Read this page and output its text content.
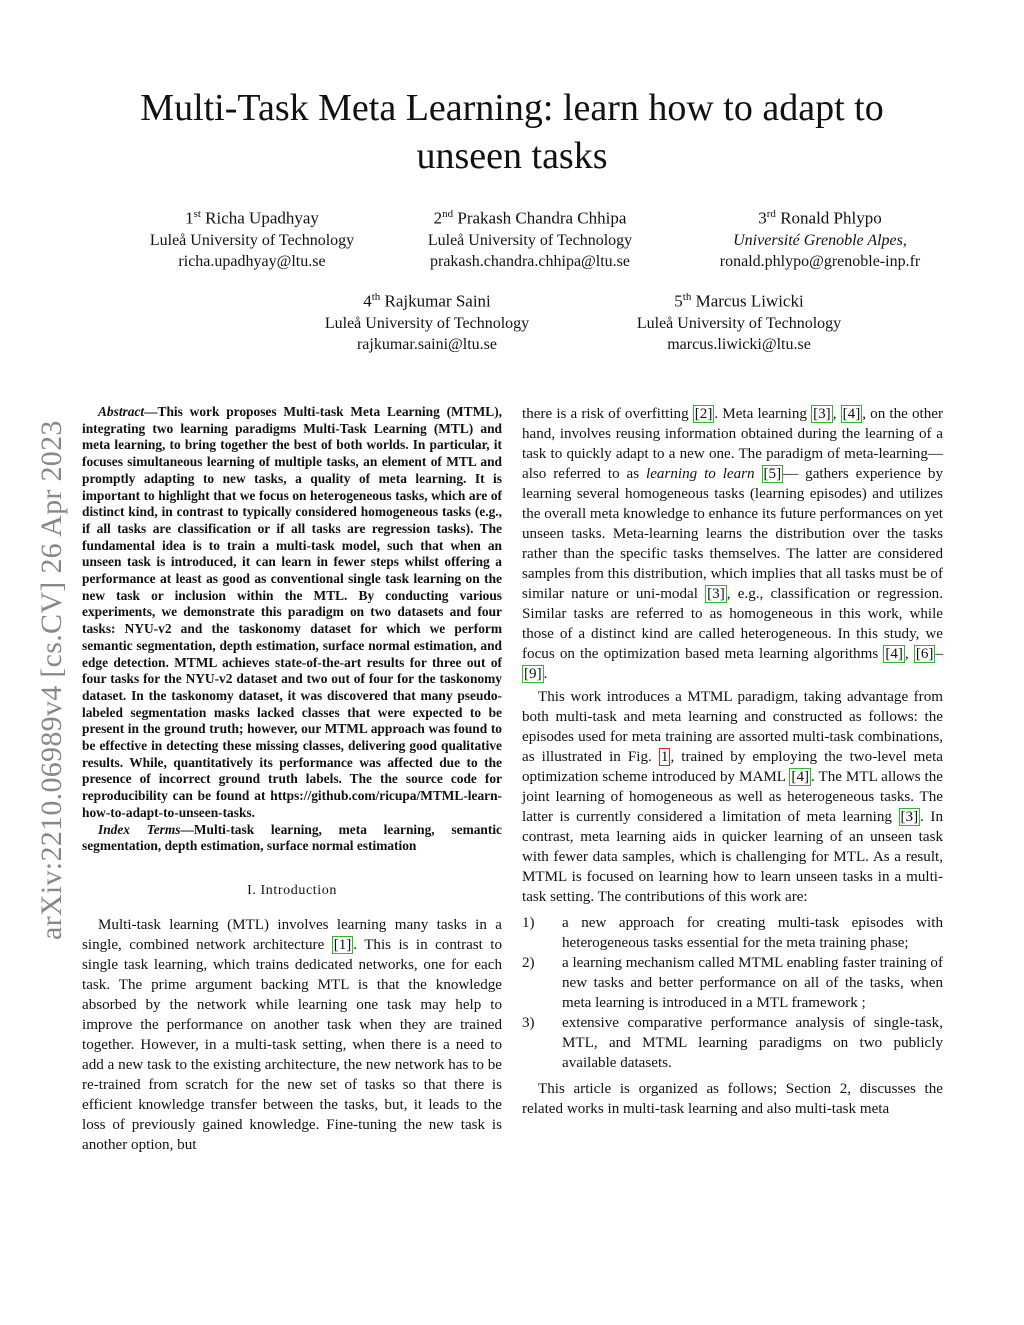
Multi-Task Meta Learning: learn how to adapt to unseen tasks
1st Richa Upadhyay
Luleå University of Technology
richa.upadhyay@ltu.se
2nd Prakash Chandra Chhipa
Luleå University of Technology
prakash.chandra.chhipa@ltu.se
3rd Ronald Phlypo
Université Grenoble Alpes,
ronald.phlypo@grenoble-inp.fr
4th Rajkumar Saini
Luleå University of Technology
rajkumar.saini@ltu.se
5th Marcus Liwicki
Luleå University of Technology
marcus.liwicki@ltu.se
arXiv:2210.06989v4 [cs.CV] 26 Apr 2023

Abstract—This work proposes Multi-task Meta Learning (MTML), integrating two learning paradigms Multi-Task Learning (MTL) and meta learning, to bring together the best of both worlds. In particular, it focuses simultaneous learning of multiple tasks, an element of MTL and promptly adapting to new tasks, a quality of meta learning. It is important to highlight that we focus on heterogeneous tasks, which are of distinct kind, in contrast to typically considered homogeneous tasks (e.g., if all tasks are classification or if all tasks are regression tasks). The fundamental idea is to train a multi-task model, such that when an unseen task is introduced, it can learn in fewer steps whilst offering a performance at least as good as conventional single task learning on the new task or inclusion within the MTL. By conducting various experiments, we demonstrate this paradigm on two datasets and four tasks: NYU-v2 and the taskonomy dataset for which we perform semantic segmentation, depth estimation, surface normal estimation, and edge detection. MTML achieves state-of-the-art results for three out of four tasks for the NYU-v2 dataset and two out of four for the taskonomy dataset. In the taskonomy dataset, it was discovered that many pseudo-labeled segmentation masks lacked classes that were expected to be present in the ground truth; however, our MTML approach was found to be effective in detecting these missing classes, delivering good qualitative results. While, quantitatively its performance was affected due to the presence of incorrect ground truth labels. The the source code for reproducibility can be found at https://github.com/ricupa/MTML-learn-how-to-adapt-to-unseen-tasks.

Index Terms—Multi-task learning, meta learning, semantic segmentation, depth estimation, surface normal estimation

I. Introduction

Multi-task learning (MTL) involves learning many tasks in a single, combined network architecture [1] . This is in contrast to single task learning, which trains dedicated networks, one for each task. The prime argument backing MTL is that the knowledge absorbed by the network while learning one task may help to improve the performance on another task when they are trained together. However, in a multi-task setting, when there is a need to add a new task to the existing architecture, the new network has to be re-trained from scratch for the new set of tasks so that there is efficient knowledge transfer between the tasks, but, it leads to the loss of previously gained knowledge. Fine-tuning the new task is another option, but

there is a risk of overfitting [2] . Meta learning [3] , [4] , on the other hand, involves reusing information obtained during the learning of a task to quickly adapt to a new one. The paradigm of meta-learning—also referred to as learning to learn [5] — gathers experience by learning several homogeneous tasks (learning episodes) and utilizes the overall meta knowledge to enhance its future performances on yet unseen tasks. Meta-learning learns the distribution over the tasks rather than the specific tasks themselves. The latter are considered samples from this distribution, which implies that all tasks must be of similar nature or uni-modal [3] , e.g., classification or regression. Similar tasks are referred to as homogeneous in this work, while those of a distinct kind are called heterogeneous. In this study, we focus on the optimization based meta learning algorithms [4] , [6] –[9] .

This work introduces a MTML paradigm, taking advantage from both multi-task and meta learning and constructed as follows: the episodes used for meta training are assorted multi-task combinations, as illustrated in Fig. 1 , trained by employing the two-level meta optimization scheme introduced by MAML [4] . The MTL allows the joint learning of homogeneous as well as heterogeneous tasks. The latter is currently considered a limitation of meta learning [3] . In contrast, meta learning aids in quicker learning of an unseen task with fewer data samples, which is challenging for MTL. As a result, MTML is focused on learning how to learn unseen tasks in a multi-task setting. The contributions of this work are:

1) a new approach for creating multi-task episodes with heterogeneous tasks essential for the meta training phase;
2) a learning mechanism called MTML enabling faster training of new tasks and better performance on all of the tasks, when meta learning is introduced in a MTL framework ;
3) extensive comparative performance analysis of single-task, MTL, and MTML learning paradigms on two publicly available datasets.

This article is organized as follows; Section 2, discusses the related works in multi-task learning and also multi-task meta
